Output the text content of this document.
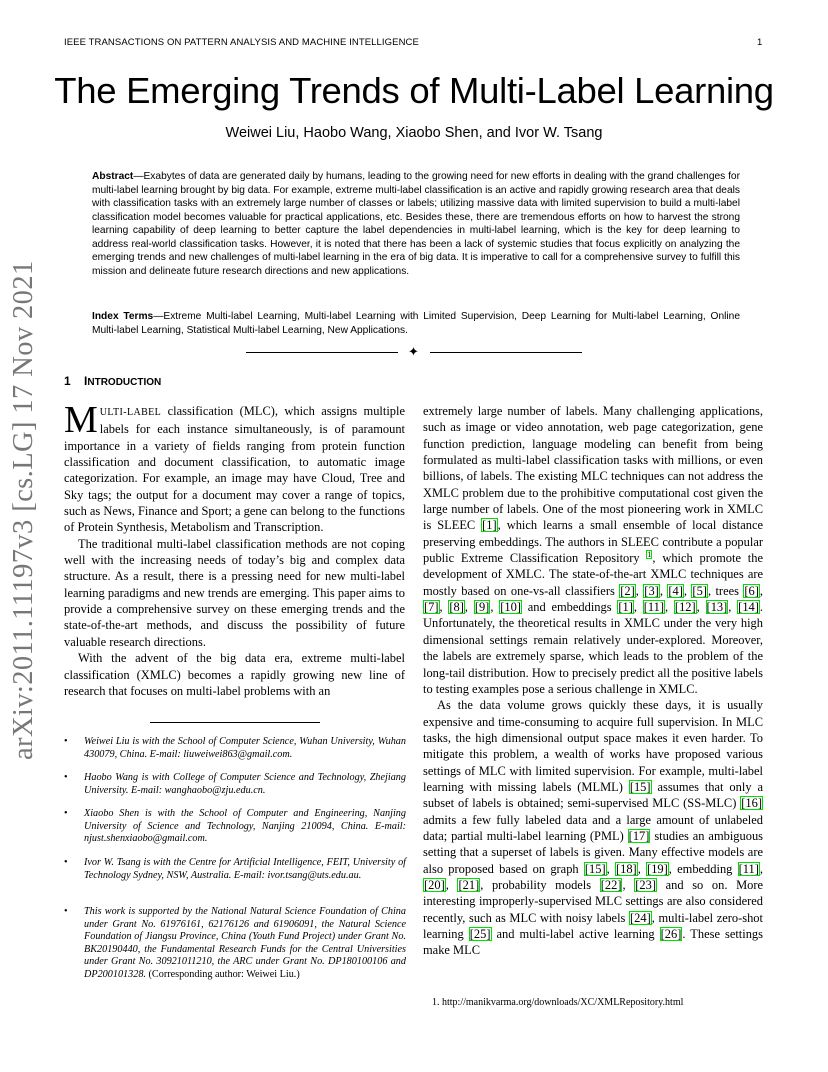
IEEE TRANSACTIONS ON PATTERN ANALYSIS AND MACHINE INTELLIGENCE	1
The Emerging Trends of Multi-Label Learning
Weiwei Liu, Haobo Wang, Xiaobo Shen, and Ivor W. Tsang
Abstract—Exabytes of data are generated daily by humans, leading to the growing need for new efforts in dealing with the grand challenges for multi-label learning brought by big data. For example, extreme multi-label classification is an active and rapidly growing research area that deals with classification tasks with an extremely large number of classes or labels; utilizing massive data with limited supervision to build a multi-label classification model becomes valuable for practical applications, etc. Besides these, there are tremendous efforts on how to harvest the strong learning capability of deep learning to better capture the label dependencies in multi-label learning, which is the key for deep learning to address real-world classification tasks. However, it is noted that there has been a lack of systemic studies that focus explicitly on analyzing the emerging trends and new challenges of multi-label learning in the era of big data. It is imperative to call for a comprehensive survey to fulfill this mission and delineate future research directions and new applications.
Index Terms—Extreme Multi-label Learning, Multi-label Learning with Limited Supervision, Deep Learning for Multi-label Learning, Online Multi-label Learning, Statistical Multi-label Learning, New Applications.
✦
arXiv:2011.11197v3 [cs.LG] 17 Nov 2021	1 INTRODUCTION

MULTI-LABEL classification (MLC), which assigns multiple labels for each instance simultaneously, is of paramount importance in a variety of fields ranging from protein function classification and document classification, to automatic image categorization. For example, an image may have Cloud, Tree and Sky tags; the output for a document may cover a range of topics, such as News, Finance and Sport; a gene can belong to the functions of Protein Synthesis, Metabolism and Transcription.

The traditional multi-label classification methods are not coping well with the increasing needs of today’s big and complex data structure. As a result, there is a pressing need for new multi-label learning paradigms and new trends are emerging. This paper aims to provide a comprehensive survey on these emerging trends and the state-of-the-art methods, and discuss the possibility of future valuable research directions.

With the advent of the big data era, extreme multi-label classification (XMLC) becomes a rapidly growing new line of research that focuses on multi-label problems with an

• Weiwei Liu is with the School of Computer Science, Wuhan University, Wuhan 430079, China. E-mail: liuweiwei863@gmail.com.
• Haobo Wang is with College of Computer Science and Technology, Zhejiang University. E-mail: wanghaobo@zju.edu.cn.
• Xiaobo Shen is with the School of Computer and Engineering, Nanjing University of Science and Technology, Nanjing 210094, China. E-mail: njust.shenxiaobo@gmail.com.
• Ivor W. Tsang is with the Centre for Artificial Intelligence, FEIT, University of Technology Sydney, NSW, Australia. E-mail: ivor.tsang@uts.edu.au.
• This work is supported by the National Natural Science Foundation of China under Grant No. 61976161, 62176126 and 61906091, the Natural Science Foundation of Jiangsu Province, China (Youth Fund Project) under Grant No. BK20190440, the Fundamental Research Funds for the Central Universities under Grant No. 30921011210, the ARC under Grant No. DP180100106 and DP200101328. (Corresponding author: Weiwei Liu.)

extremely large number of labels. Many challenging applications, such as image or video annotation, web page categorization, gene function prediction, language modeling can benefit from being formulated as multi-label classification tasks with millions, or even billions, of labels. The existing MLC techniques can not address the XMLC problem due to the prohibitive computational cost given the large number of labels. One of the most pioneering work in XMLC is SLEEC [1], which learns a small ensemble of local distance preserving embeddings. The authors in SLEEC contribute a popular public Extreme Classification Repository $^1$, which promote the development of XMLC. The state-of-the-art XMLC techniques are mostly based on one-vs-all classifiers [2], [3], [4], [5], trees [6], [7], [8], [9], [10] and embeddings [1], [11], [12], [13], [14]. Unfortunately, the theoretical results in XMLC under the very high dimensional settings remain relatively under-explored. Moreover, the labels are extremely sparse, which leads to the problem of the long-tail distribution. How to precisely predict all the positive labels to testing examples pose a serious challenge in XMLC.

As the data volume grows quickly these days, it is usually expensive and time-consuming to acquire full supervision. In MLC tasks, the high dimensional output space makes it even harder. To mitigate this problem, a wealth of works have proposed various settings of MLC with limited supervision. For example, multi-label learning with missing labels (MLML) [15] assumes that only a subset of labels is obtained; semi-supervised MLC (SS-MLC) [16] admits a few fully labeled data and a large amount of unlabeled data; partial multi-label learning (PML) [17] studies an ambiguous setting that a superset of labels is given. Many effective models are also proposed based on graph [15], [18], [19], embedding [11], [20], [21], probability models [22], [23] and so on. More interesting improperly-supervised MLC settings are also considered recently, such as MLC with noisy labels [24], multi-label zero-shot learning [25] and multi-label active learning [26]. These settings make MLC

1. http://manikvarma.org/downloads/XC/XMLRepository.html
